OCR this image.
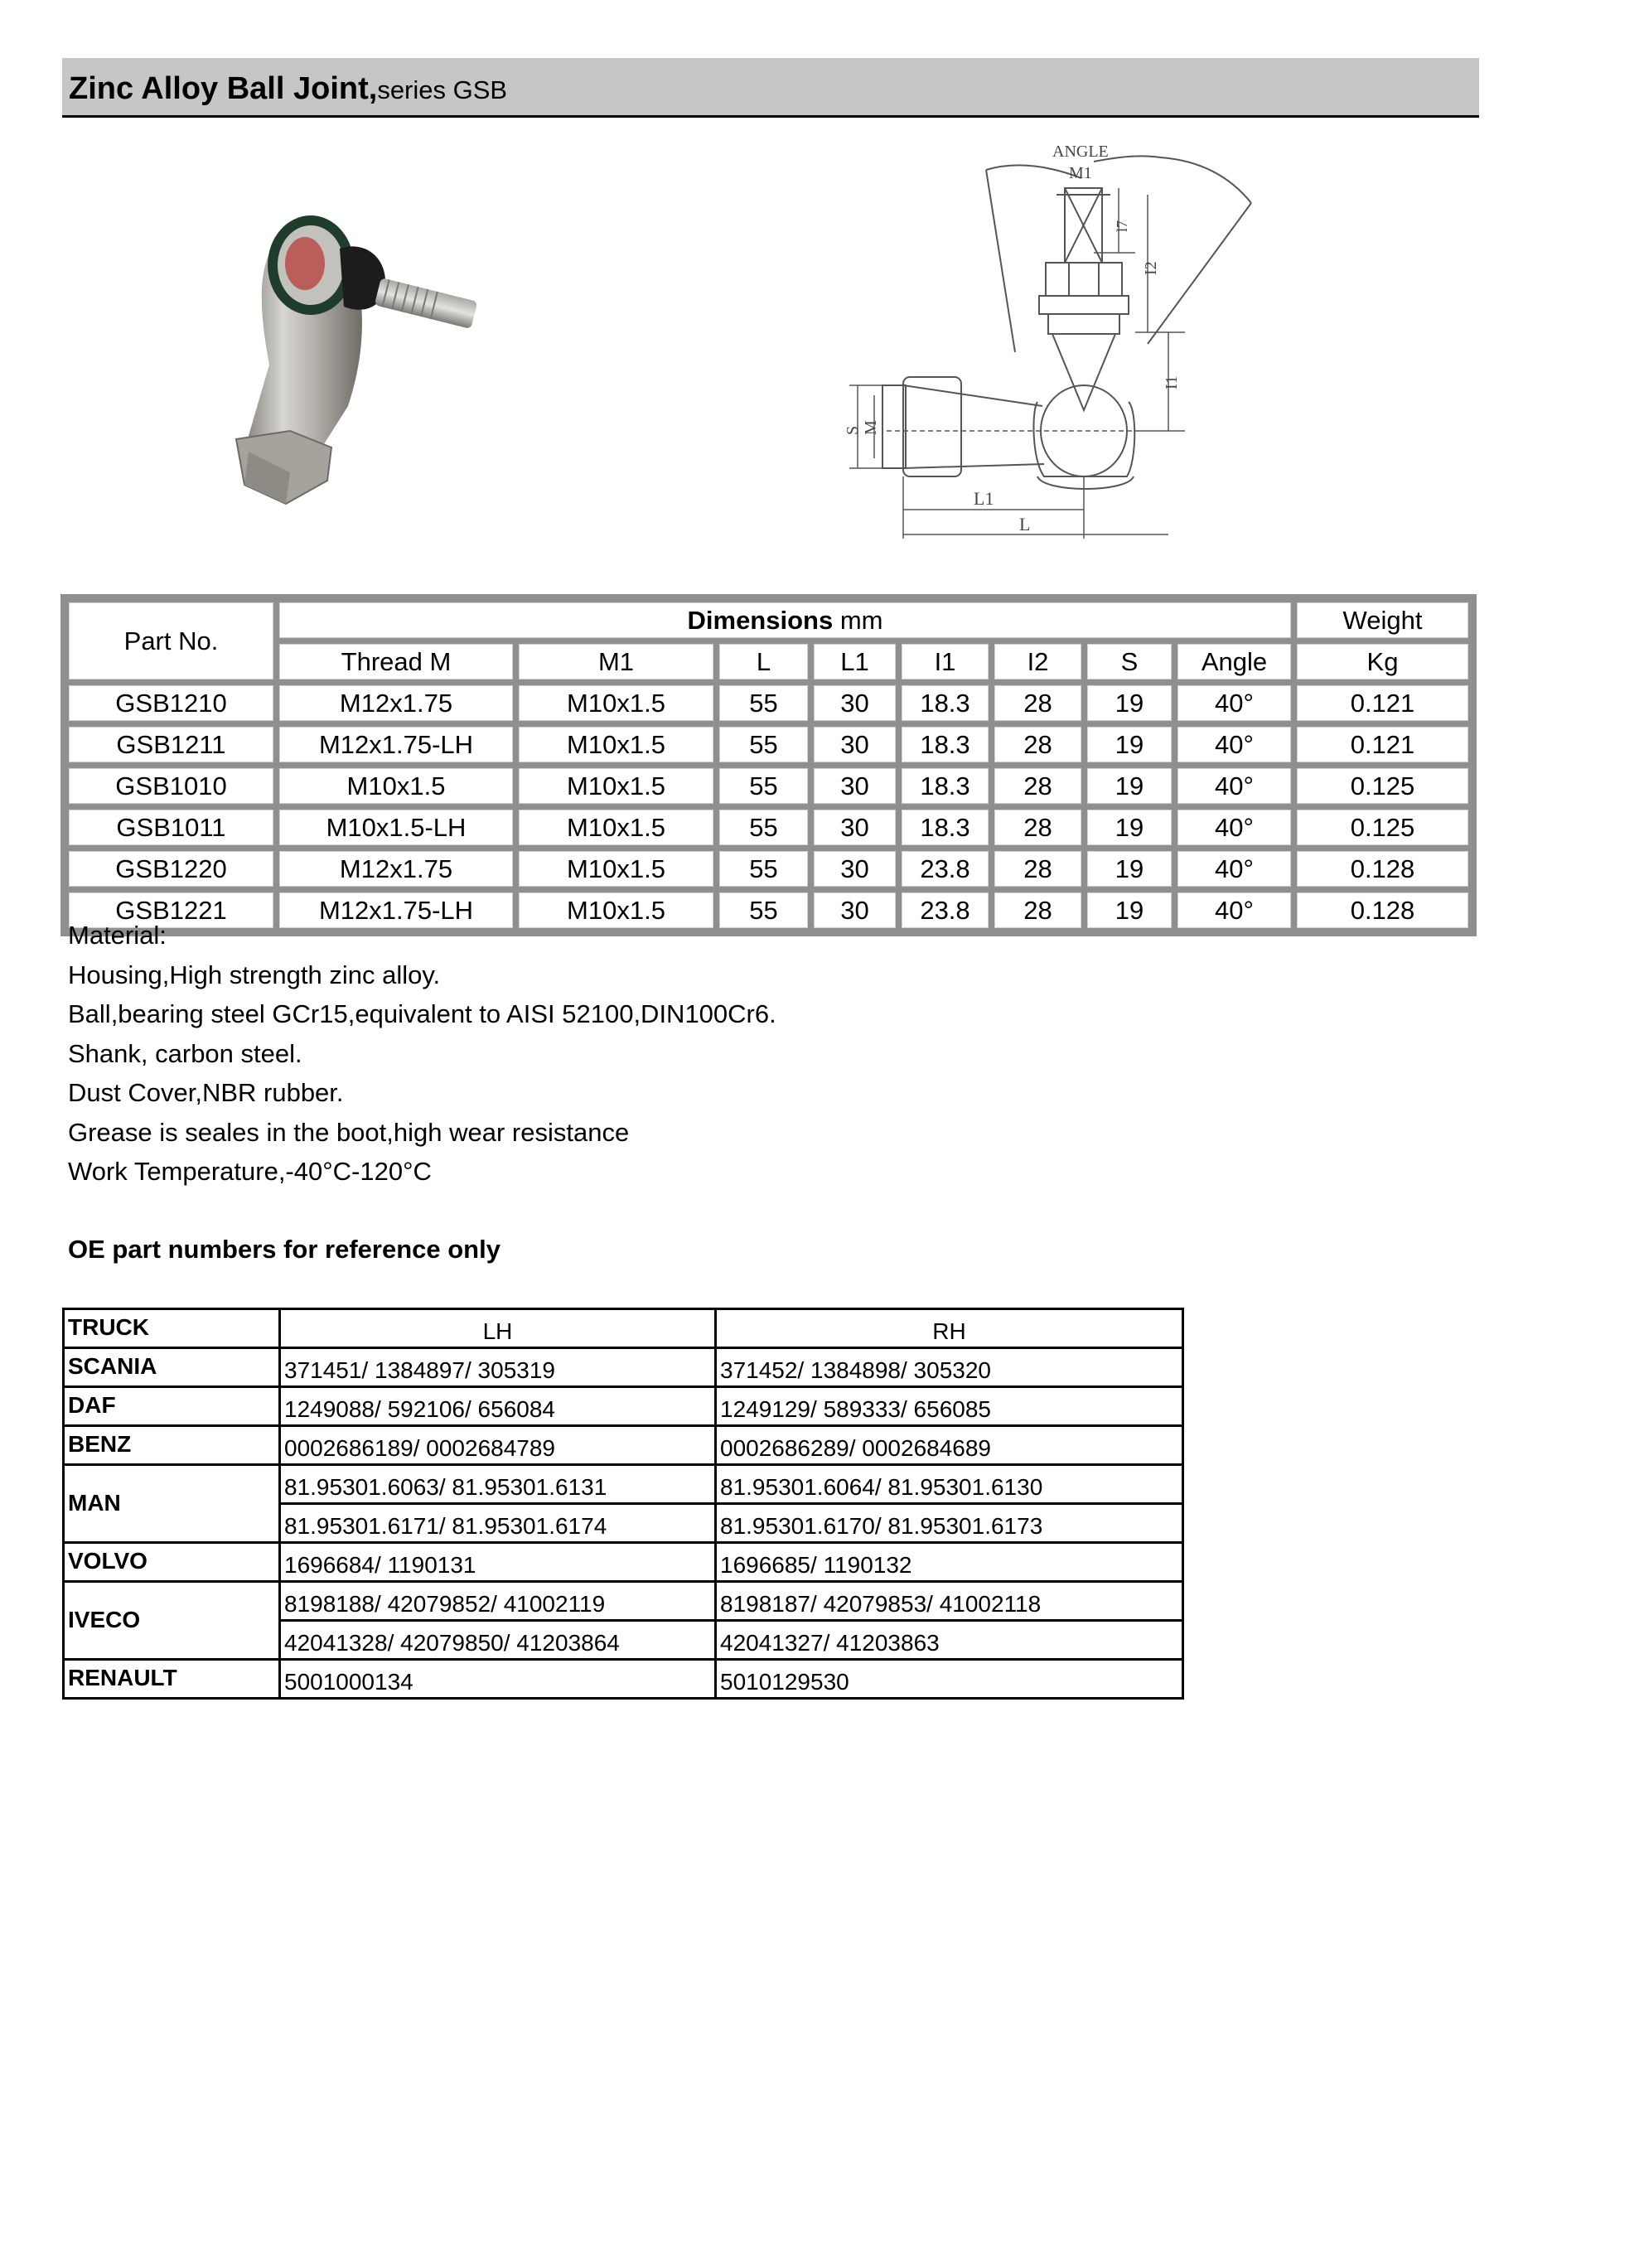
Zinc Alloy Ball Joint,series GSB
ANGLE
M1
l7
I2
I1
S M
L1
L
Part No.	Dimensions mm								Weight
	Thread M	M1	L	L1	I1	I2	S	Angle	Kg
GSB1210	M12x1.75	M10x1.5	55	30	18.3	28	19	40°	0.121
GSB1211	M12x1.75-LH	M10x1.5	55	30	18.3	28	19	40°	0.121
GSB1010	M10x1.5	M10x1.5	55	30	18.3	28	19	40°	0.125
GSB1011	M10x1.5-LH	M10x1.5	55	30	18.3	28	19	40°	0.125
GSB1220	M12x1.75	M10x1.5	55	30	23.8	28	19	40°	0.128
GSB1221	M12x1.75-LH	M10x1.5	55	30	23.8	28	19	40°	0.128
Material:
Housing,High strength zinc alloy.
Ball,bearing steel GCr15,equivalent to AISI 52100,DIN100Cr6.
Shank, carbon steel.
Dust Cover,NBR rubber.
Grease is seales in the boot,high wear resistance
Work Temperature,-40°C-120°C
OE part numbers for reference only
TRUCK	LH	RH
SCANIA	371451/ 1384897/ 305319	371452/ 1384898/ 305320
DAF	1249088/ 592106/ 656084	1249129/ 589333/ 656085
BENZ	0002686189/ 0002684789	0002686289/ 0002684689
MAN	81.95301.6063/ 81.95301.6131	81.95301.6064/ 81.95301.6130
	81.95301.6171/ 81.95301.6174	81.95301.6170/ 81.95301.6173
VOLVO	1696684/ 1190131	1696685/ 1190132
IVECO	8198188/ 42079852/ 41002119	8198187/ 42079853/ 41002118
	42041328/ 42079850/ 41203864	42041327/ 41203863
RENAULT	5001000134	5010129530
